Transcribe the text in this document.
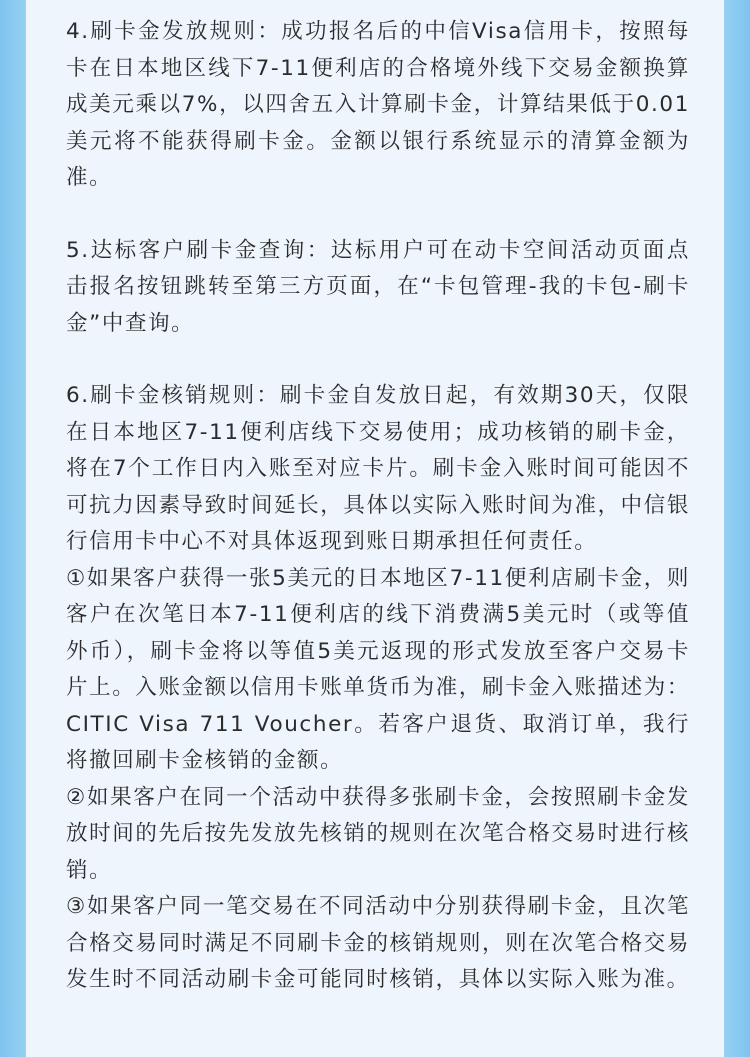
4.刷卡金发放规则：成功报名后的中信Visa信用卡，按照每卡在日本地区线下7-11便利店的合格境外线下交易金额换算成美元乘以7%，以四舍五入计算刷卡金，计算结果低于0.01美元将不能获得刷卡金。金额以银行系统显示的清算金额为准。

5.达标客户刷卡金查询：达标用户可在动卡空间活动页面点击报名按钮跳转至第三方页面，在“卡包管理-我的卡包-刷卡金”中查询。

6.刷卡金核销规则：刷卡金自发放日起，有效期30天，仅限在日本地区7-11便利店线下交易使用；成功核销的刷卡金，将在7个工作日内入账至对应卡片。刷卡金入账时间可能因不可抗力因素导致时间延长，具体以实际入账时间为准，中信银行信用卡中心不对具体返现到账日期承担任何责任。

①如果客户获得一张5美元的日本地区7-11便利店刷卡金，则客户在次笔日本7-11便利店的线下消费满5美元时（或等值外币），刷卡金将以等值5美元返现的形式发放至客户交易卡片上。入账金额以信用卡账单货币为准，刷卡金入账描述为：CITIC Visa 711 Voucher。若客户退货、取消订单，我行将撤回刷卡金核销的金额。

②如果客户在同一个活动中获得多张刷卡金，会按照刷卡金发放时间的先后按先发放先核销的规则在次笔合格交易时进行核销。

③如果客户同一笔交易在不同活动中分别获得刷卡金，且次笔合格交易同时满足不同刷卡金的核销规则，则在次笔合格交易发生时不同活动刷卡金可能同时核销，具体以实际入账为准。
